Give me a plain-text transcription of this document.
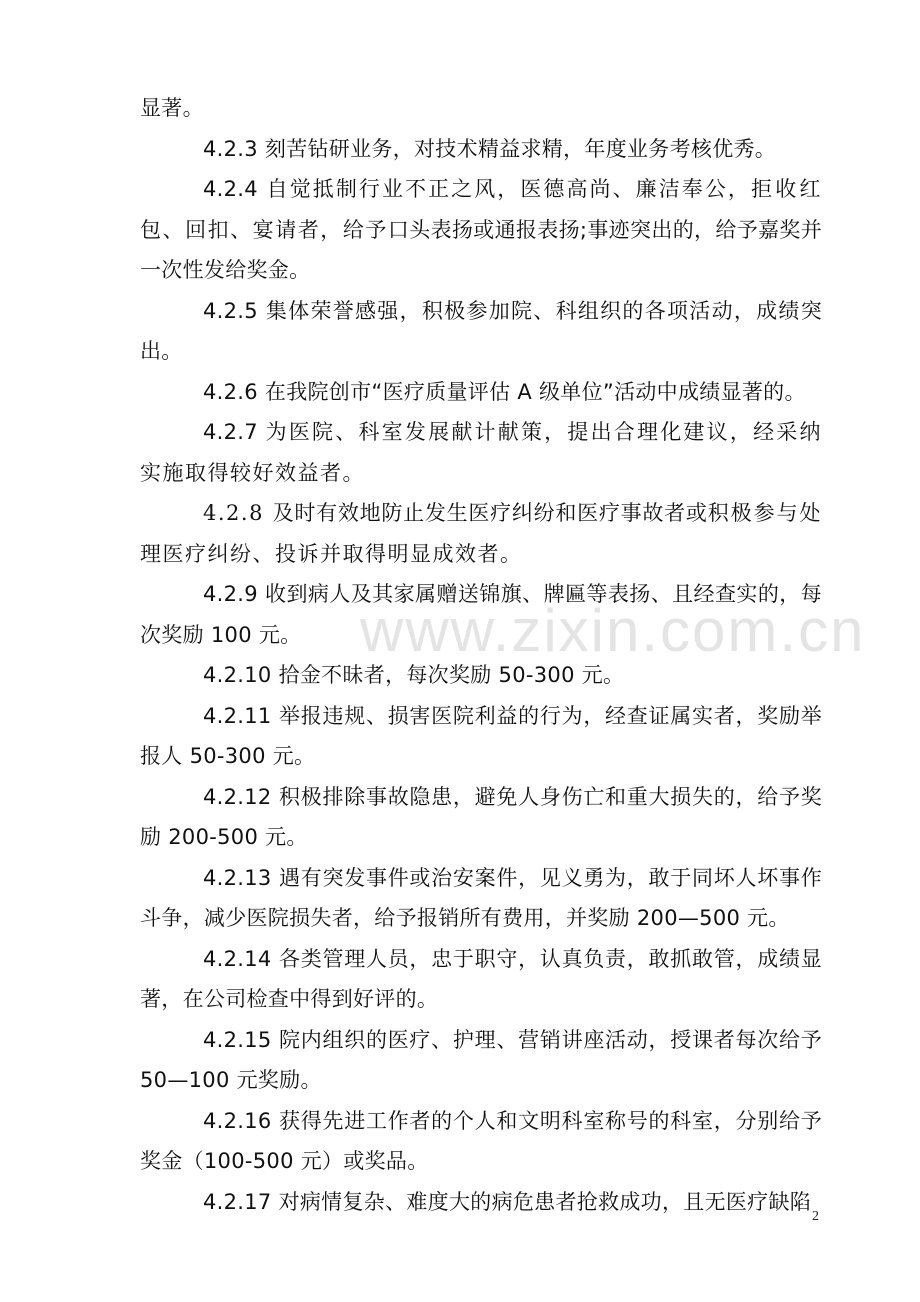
www.zixin.com.cn

显著。

4.2.3 刻苦钻研业务，对技术精益求精，年度业务考核优秀。

4.2.4 自觉抵制行业不正之风，医德高尚、廉洁奉公，拒收红包、回扣、宴请者，给予口头表扬或通报表扬;事迹突出的，给予嘉奖并一次性发给奖金。

4.2.5 集体荣誉感强，积极参加院、科组织的各项活动，成绩突出。

4.2.6 在我院创市“医疗质量评估 A 级单位”活动中成绩显著的。

4.2.7 为医院、科室发展献计献策，提出合理化建议，经采纳实施取得较好效益者。

4.2.8 及时有效地防止发生医疗纠纷和医疗事故者或积极参与处理医疗纠纷、投诉并取得明显成效者。

4.2.9 收到病人及其家属赠送锦旗、牌匾等表扬、且经查实的，每次奖励 100 元。

4.2.10 拾金不昧者，每次奖励 50-300 元。

4.2.11 举报违规、损害医院利益的行为，经查证属实者，奖励举报人 50-300 元。

4.2.12 积极排除事故隐患，避免人身伤亡和重大损失的，给予奖励 200-500 元。

4.2.13 遇有突发事件或治安案件，见义勇为，敢于同坏人坏事作斗争，减少医院损失者，给予报销所有费用，并奖励 200—500 元。

4.2.14 各类管理人员，忠于职守，认真负责，敢抓敢管，成绩显著，在公司检查中得到好评的。

4.2.15 院内组织的医疗、护理、营销讲座活动，授课者每次给予 50—100 元奖励。

4.2.16 获得先进工作者的个人和文明科室称号的科室，分别给予奖金（100-500 元）或奖品。

4.2.17 对病情复杂、难度大的病危患者抢救成功，且无医疗缺陷

2
